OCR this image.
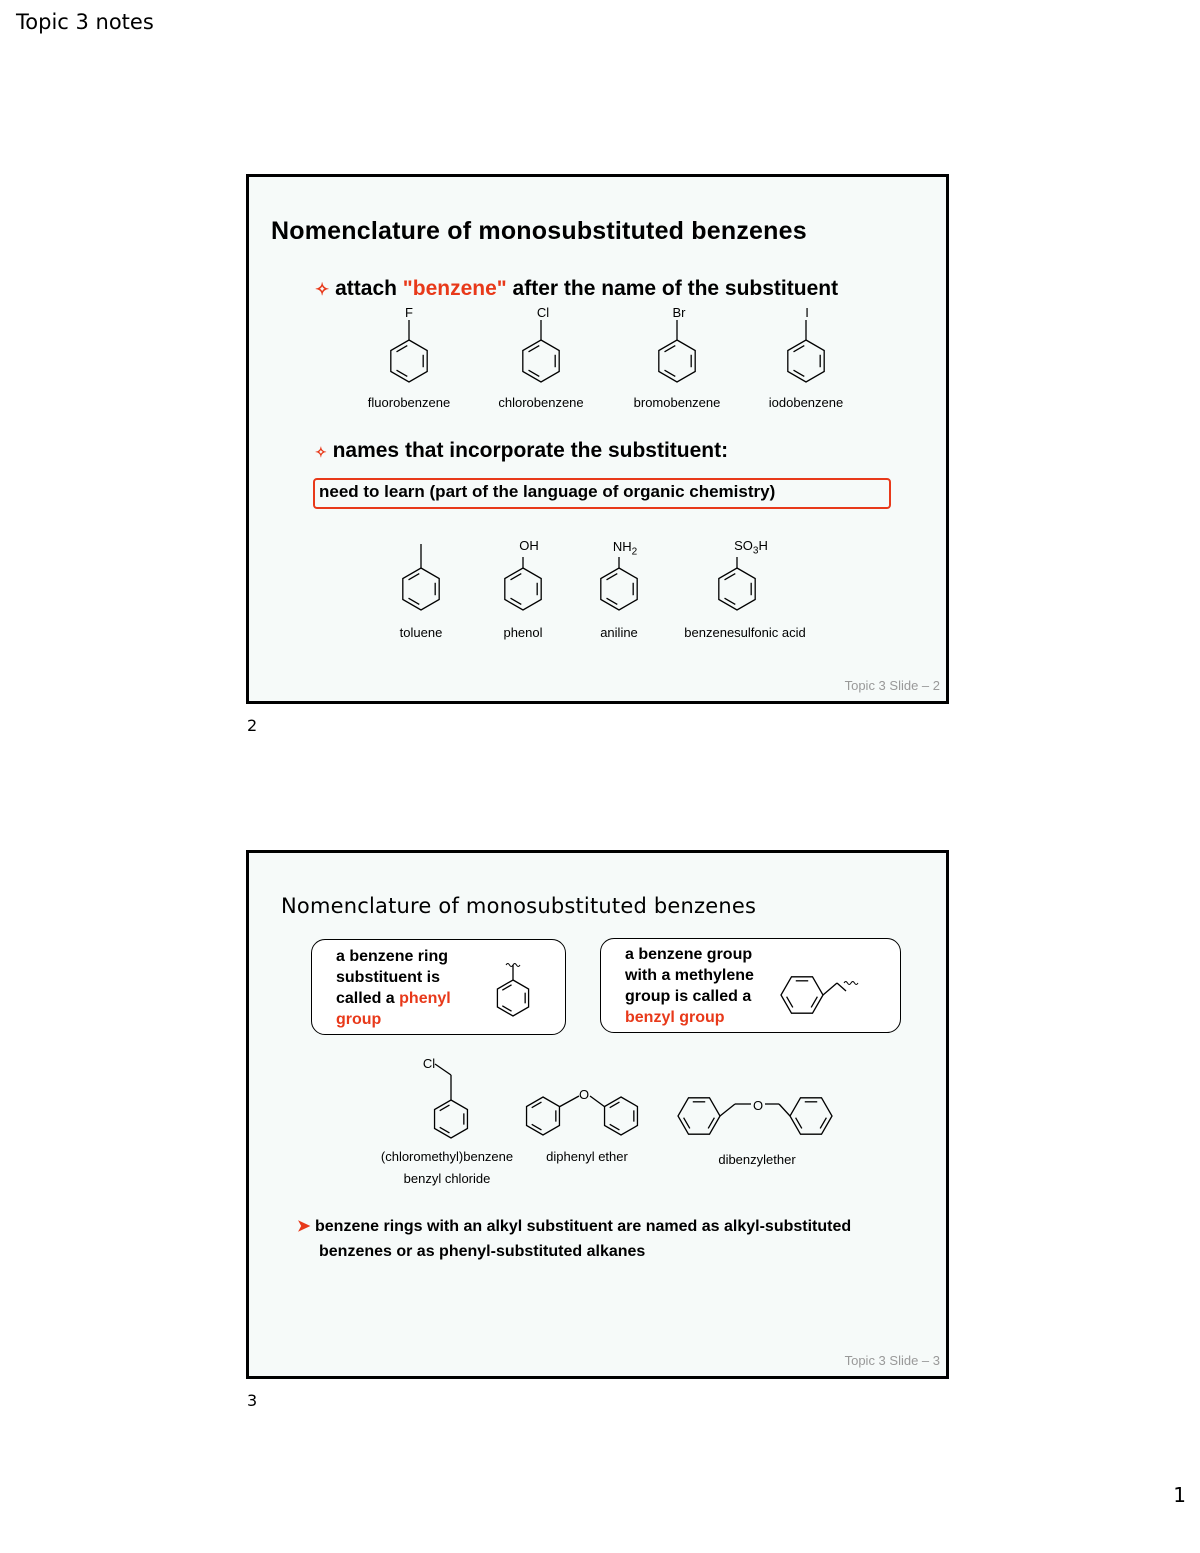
Topic 3 notes
1
Nomenclature of monosubstituted benzenes
✧ attach "benzene" after the name of the substituent
fluorobenzene	chlorobenzene	bromobenzene	iodobenzene
F	Cl	Br	I
✧ names that incorporate the substituent:
need to learn (part of the language of organic chemistry)
OH	$NH_2$	$SO_3H$
toluene	phenol	aniline	benzenesulfonic acid
Topic 3 Slide – 2
2
Nomenclature of monosubstituted benzenes
a benzene ring
substituent is
called a phenyl
group
a benzene group
with a methylene
group is called a
benzyl group
Cl
O
O
(chloromethyl)benzene
benzyl chloride
diphenyl ether	dibenzylether
➤ benzene rings with an alkyl substituent are named as alkyl-substituted
benzenes or as phenyl-substituted alkanes
Topic 3 Slide – 3
3
